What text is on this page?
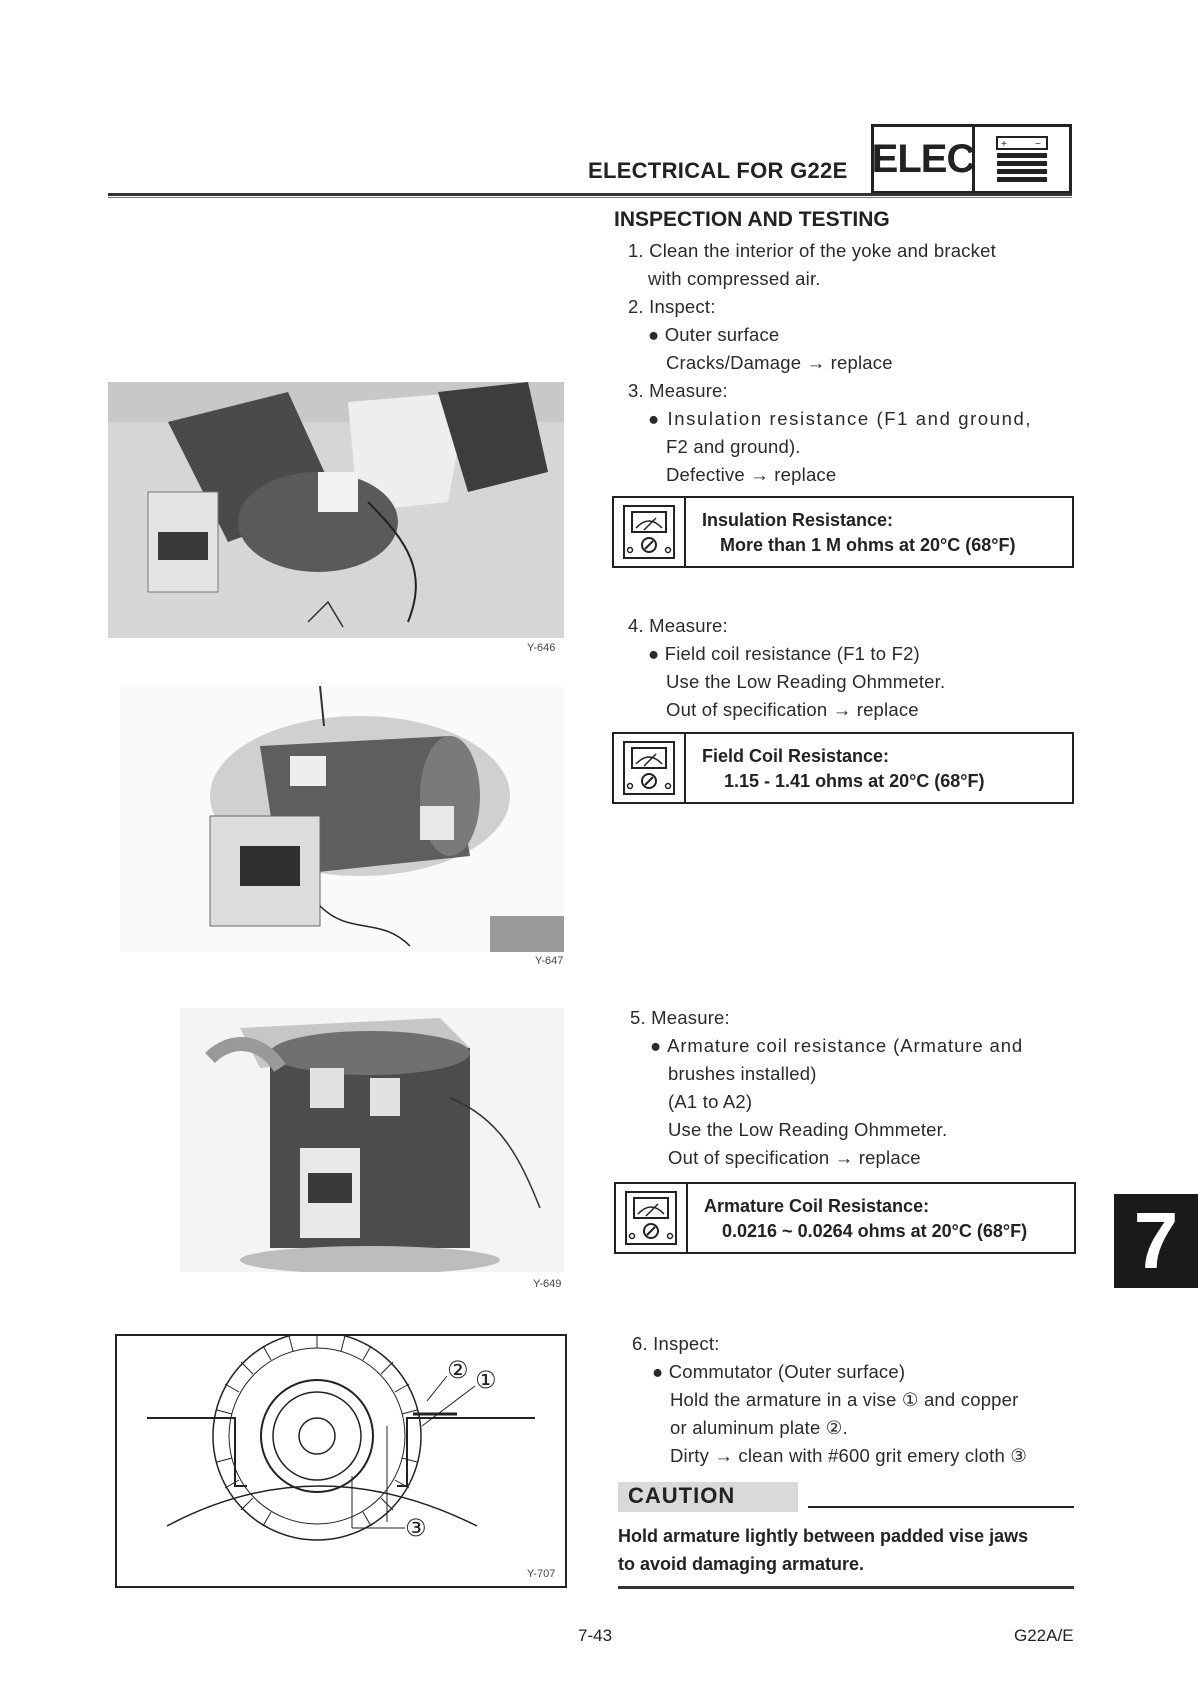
ELECTRICAL FOR G22E ELEC	+	−
INSPECTION AND TESTING
1. Clean the interior of the yoke and bracket
with compressed air.
2. Inspect:
● Outer surface
Cracks/Damage → replace
3. Measure:
● Insulation resistance (F1 and ground,
F2 and ground).
Defective → replace
Insulation Resistance:
More than 1 M ohms at 20°C (68°F)
4. Measure:
● Field coil resistance (F1 to F2)
Use the Low Reading Ohmmeter.
Out of specification → replace
Field Coil Resistance:
1.15 - 1.41 ohms at 20°C (68°F)
5. Measure:
● Armature coil resistance (Armature and
brushes installed)
(A1 to A2)
Use the Low Reading Ohmmeter.
Out of specification → replace
Armature Coil Resistance:
0.0216 ~ 0.0264 ohms at 20°C (68°F)
6. Inspect:
● Commutator (Outer surface)
Hold the armature in a vise ① and copper
or aluminum plate ②.
Dirty → clean with #600 grit emery cloth ③
CAUTION
Hold armature lightly between padded vise jaws
to avoid damaging armature.
Y-646
Y-647
Y-649
② ①
③
Y-707
7
7-43	G22A/E
